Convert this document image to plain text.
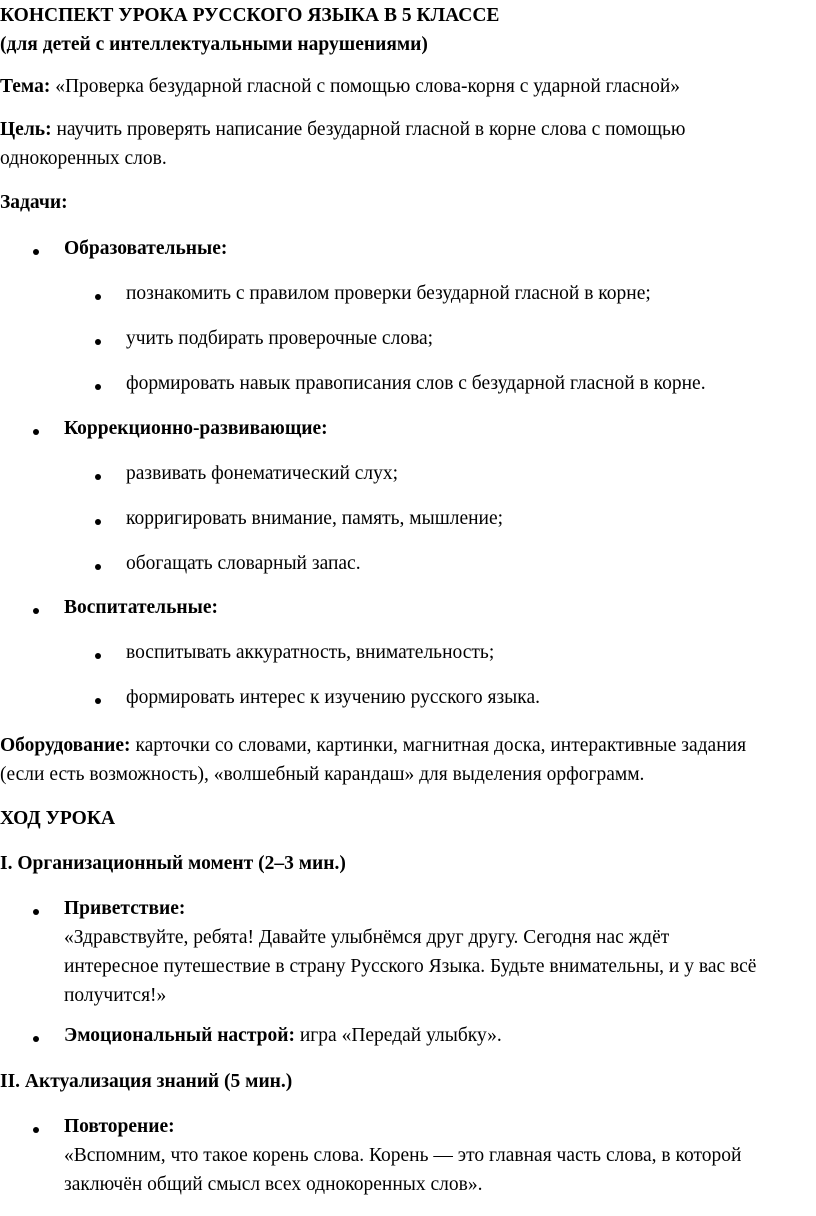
КОНСПЕКТ УРОКА РУССКОГО ЯЗЫКА В 5 КЛАССЕ
(для детей с интеллектуальными нарушениями)
Тема: «Проверка безударной гласной с помощью слова-корня с ударной гласной»
Цель: научить проверять написание безударной гласной в корне слова с помощью
однокоренных слов.
Задачи:
Образовательные:
познакомить с правилом проверки безударной гласной в корне;
учить подбирать проверочные слова;
формировать навык правописания слов с безударной гласной в корне.
Коррекционно-развивающие:
развивать фонематический слух;
корригировать внимание, память, мышление;
обогащать словарный запас.
Воспитательные:
воспитывать аккуратность, внимательность;
формировать интерес к изучению русского языка.
Оборудование: карточки со словами, картинки, магнитная доска, интерактивные задания
(если есть возможность), «волшебный карандаш» для выделения орфограмм.
ХОД УРОКА
I. Организационный момент (2–3 мин.)
Приветствие:
«Здравствуйте, ребята! Давайте улыбнёмся друг другу. Сегодня нас ждёт
интересное путешествие в страну Русского Языка. Будьте внимательны, и у вас всё
получится!»
Эмоциональный настрой: игра «Передай улыбку».
II. Актуализация знаний (5 мин.)
Повторение:
«Вспомним, что такое корень слова. Корень — это главная часть слова, в которой
заключён общий смысл всех однокоренных слов».
